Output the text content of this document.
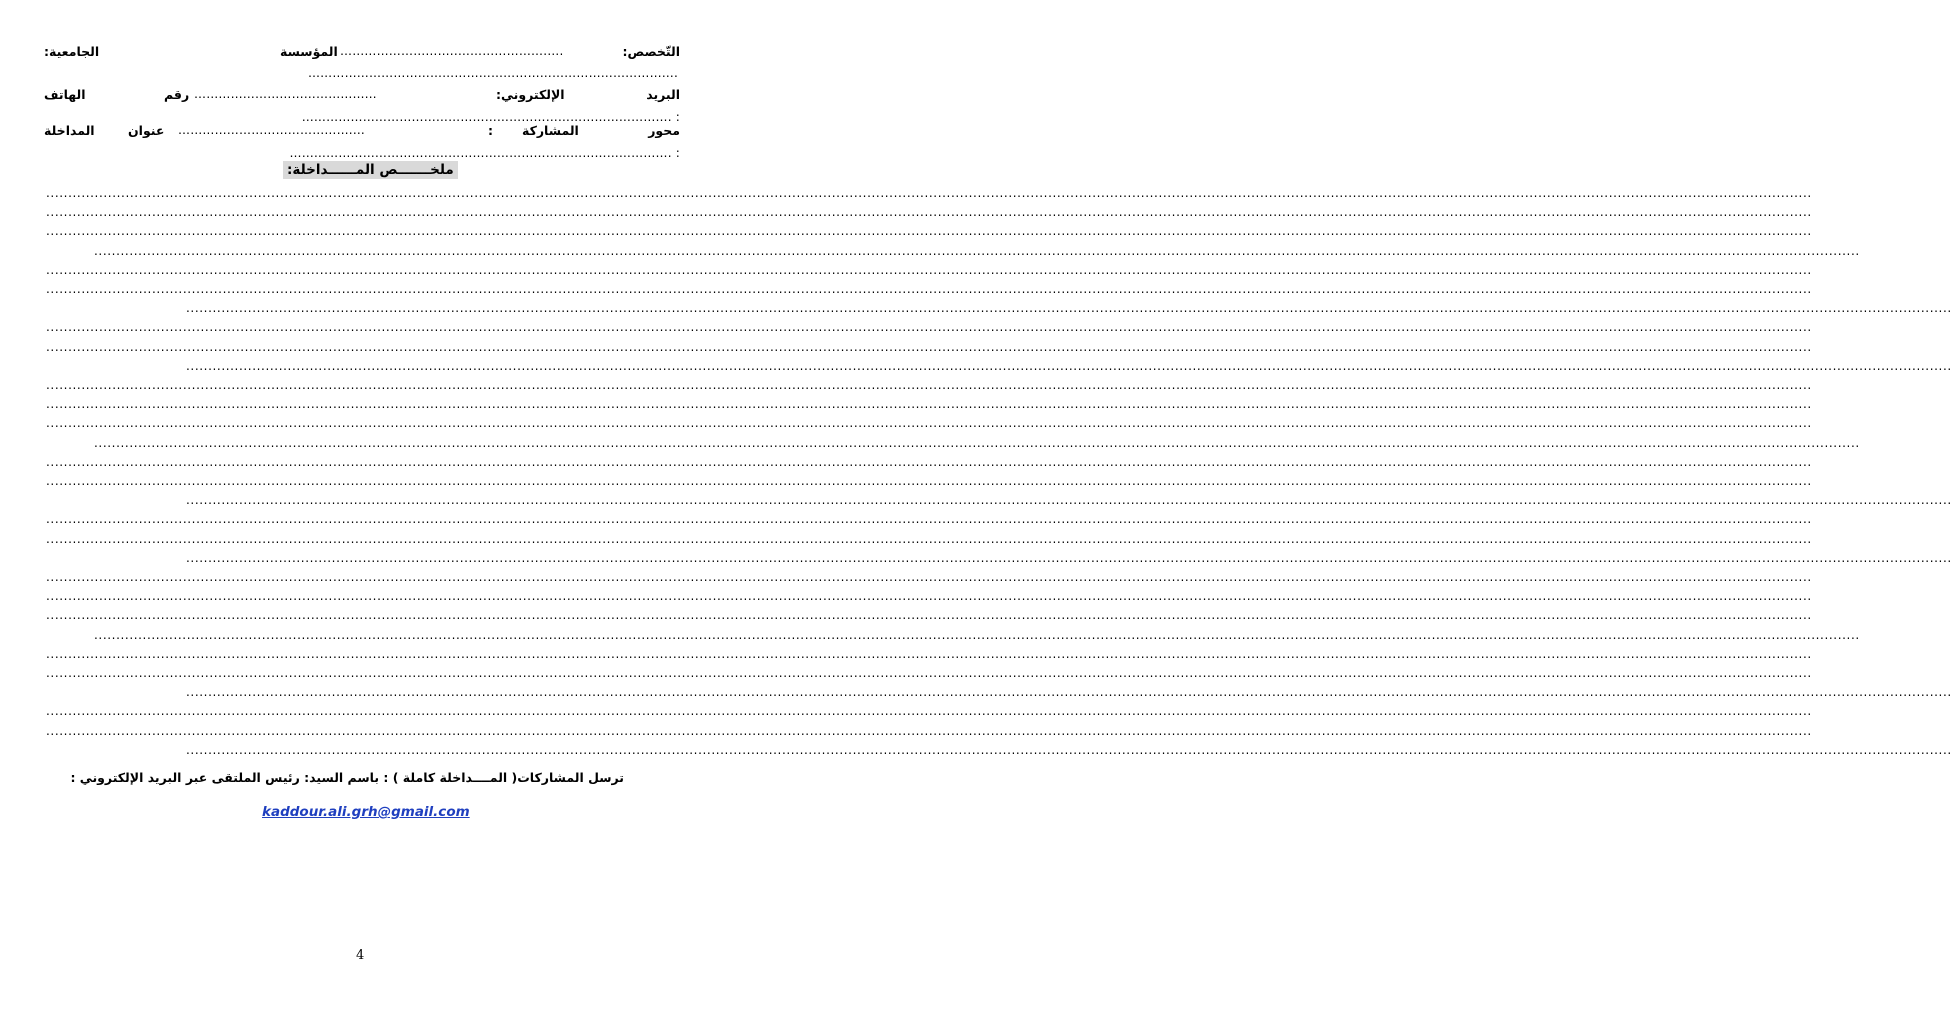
التّخصص:
………………………..………………….….
المؤسسة
الجامعية:
……………………………………………………………………………….
البريد
الإلكتروني:
…………………………………...…
رقم
الهاتف
………………………………………………………………………………. :
محور
المشاركة
:
……………………………………....
عنوان
المداخلة
…………………………………………………………………………………. :
ملخـــــــص المــــــداخلة:
................................................................................................................................................................................................................................................................................................................................................................................................................
................................................................................................................................................................................................................................................................................................................................................................................................................
................................................................................................................................................................................................................................................................................................................................................................................................................
................................................................................................................................................................................................................................................................................................................................................................................................................
................................................................................................................................................................................................................................................................................................................................................................................................................
................................................................................................................................................................................................................................................................................................................................................................................................................
................................................................................................................................................................................................................................................................................................................................................................................................................
................................................................................................................................................................................................................................................................................................................................................................................................................
................................................................................................................................................................................................................................................................................................................................................................................................................
................................................................................................................................................................................................................................................................................................................................................................................................................
................................................................................................................................................................................................................................................................................................................................................................................................................
................................................................................................................................................................................................................................................................................................................................................................................................................
................................................................................................................................................................................................................................................................................................................................................................................................................
................................................................................................................................................................................................................................................................................................................................................................................................................
................................................................................................................................................................................................................................................................................................................................................................................................................
................................................................................................................................................................................................................................................................................................................................................................................................................
................................................................................................................................................................................................................................................................................................................................................................................................................
................................................................................................................................................................................................................................................................................................................................................................................................................
................................................................................................................................................................................................................................................................................................................................................................................................................
................................................................................................................................................................................................................................................................................................................................................................................................................
................................................................................................................................................................................................................................................................................................................................................................................................................
................................................................................................................................................................................................................................................................................................................................................................................................................
................................................................................................................................................................................................................................................................................................................................................................................................................
................................................................................................................................................................................................................................................................................................................................................................................................................
................................................................................................................................................................................................................................................................................................................................................................................................................
................................................................................................................................................................................................................................................................................................................................................................................................................
................................................................................................................................................................................................................................................................................................................................................................................................................
................................................................................................................................................................................................................................................................................................................................................................................................................
................................................................................................................................................................................................................................................................................................................................................................................................................
................................................................................................................................................................................................................................................................................................................................................................................................................
ترسل المشاركات( المــــداخلة كاملة ) : باسم السيد: رئيس الملتقى عبر البريد الإلكتروني :
kaddour.ali.grh@gmail.com
4
